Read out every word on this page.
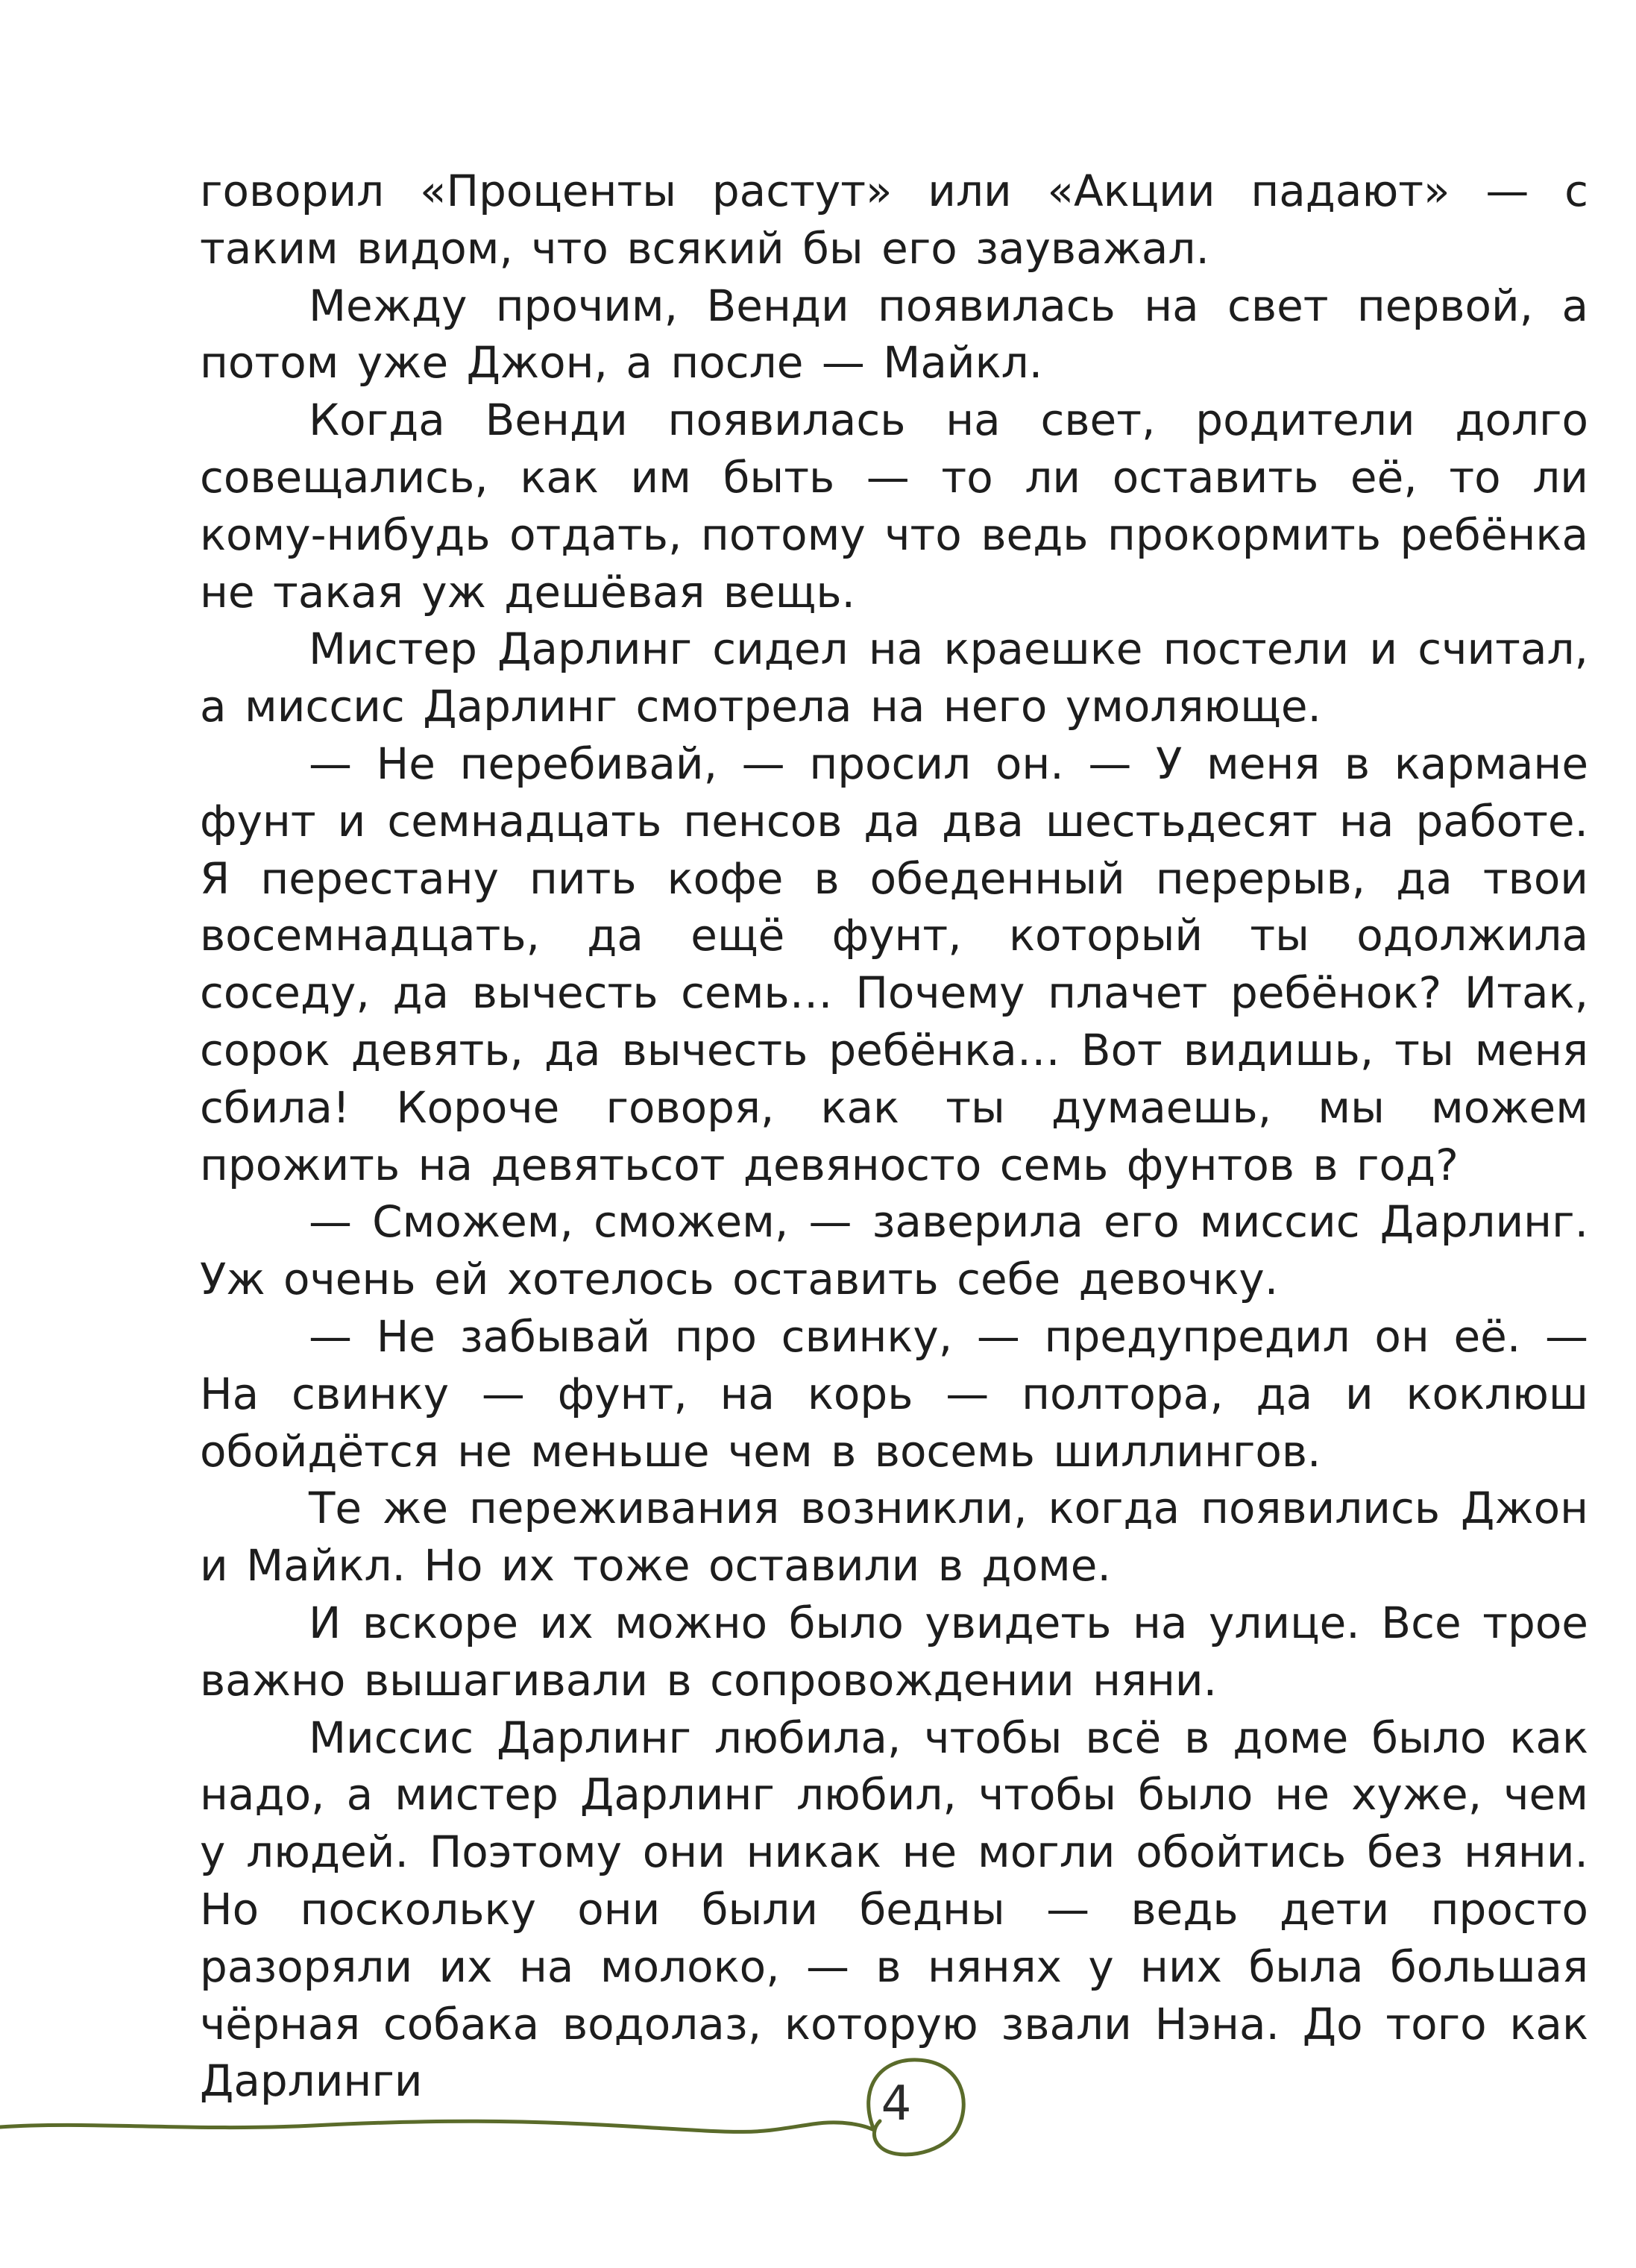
говорил «Проценты растут» или «Акции падают» — с таким видом, что всякий бы его зауважал.

Между прочим, Венди появилась на свет первой, а потом уже Джон, а после — Майкл.

Когда Венди появилась на свет, родители долго совещались, как им быть — то ли оставить её, то ли кому-нибудь отдать, потому что ведь прокормить ребёнка не такая уж дешёвая вещь.

Мистер Дарлинг сидел на краешке постели и считал, а миссис Дарлинг смотрела на него умоляюще.

— Не перебивай, — просил он. — У меня в кармане фунт и семнадцать пенсов да два шестьдесят на работе. Я перестану пить кофе в обеденный перерыв, да твои восемнадцать, да ещё фунт, который ты одолжила соседу, да вычесть семь… Почему плачет ребёнок? Итак, сорок девять, да вычесть ребёнка… Вот видишь, ты меня сбила! Короче говоря, как ты думаешь, мы можем прожить на девятьсот девяносто семь фунтов в год?

— Сможем, сможем, — заверила его миссис Дарлинг. Уж очень ей хотелось оставить себе девочку.

— Не забывай про свинку, — предупредил он её. — На свинку — фунт, на корь — полтора, да и коклюш обойдётся не меньше чем в восемь шиллингов.

Те же переживания возникли, когда появились Джон и Майкл. Но их тоже оставили в доме.

И вскоре их можно было увидеть на улице. Все трое важно вышагивали в сопровождении няни.

Миссис Дарлинг любила, чтобы всё в доме было как надо, а мистер Дарлинг любил, чтобы было не хуже, чем у людей. Поэтому они никак не могли обойтись без няни. Но поскольку они были бедны — ведь дети просто разоряли их на молоко, — в нянях у них была большая чёрная собака водолаз, которую звали Нэна. До того как Дарлинги	4
